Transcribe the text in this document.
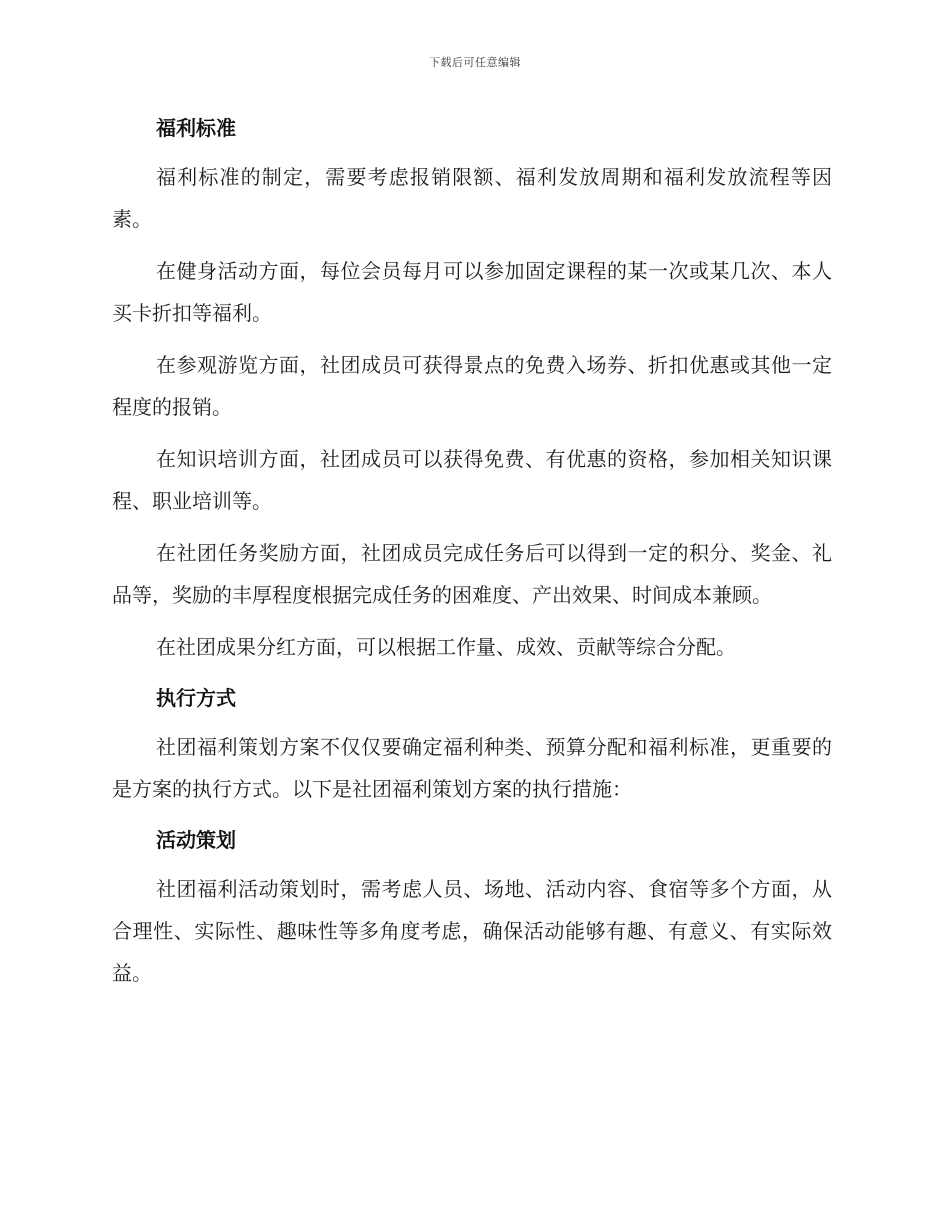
下载后可任意编辑
福利标准

福利标准的制定，需要考虑报销限额、福利发放周期和福利发放流程等因素。

在健身活动方面，每位会员每月可以参加固定课程的某一次或某几次、本人买卡折扣等福利。

在参观游览方面，社团成员可获得景点的免费入场券、折扣优惠或其他一定程度的报销。

在知识培训方面，社团成员可以获得免费、有优惠的资格，参加相关知识课程、职业培训等。

在社团任务奖励方面，社团成员完成任务后可以得到一定的积分、奖金、礼品等，奖励的丰厚程度根据完成任务的困难度、产出效果、时间成本兼顾。

在社团成果分红方面，可以根据工作量、成效、贡献等综合分配。

执行方式

社团福利策划方案不仅仅要确定福利种类、预算分配和福利标准，更重要的是方案的执行方式。以下是社团福利策划方案的执行措施：

活动策划

社团福利活动策划时，需考虑人员、场地、活动内容、食宿等多个方面，从合理性、实际性、趣味性等多角度考虑，确保活动能够有趣、有意义、有实际效益。
